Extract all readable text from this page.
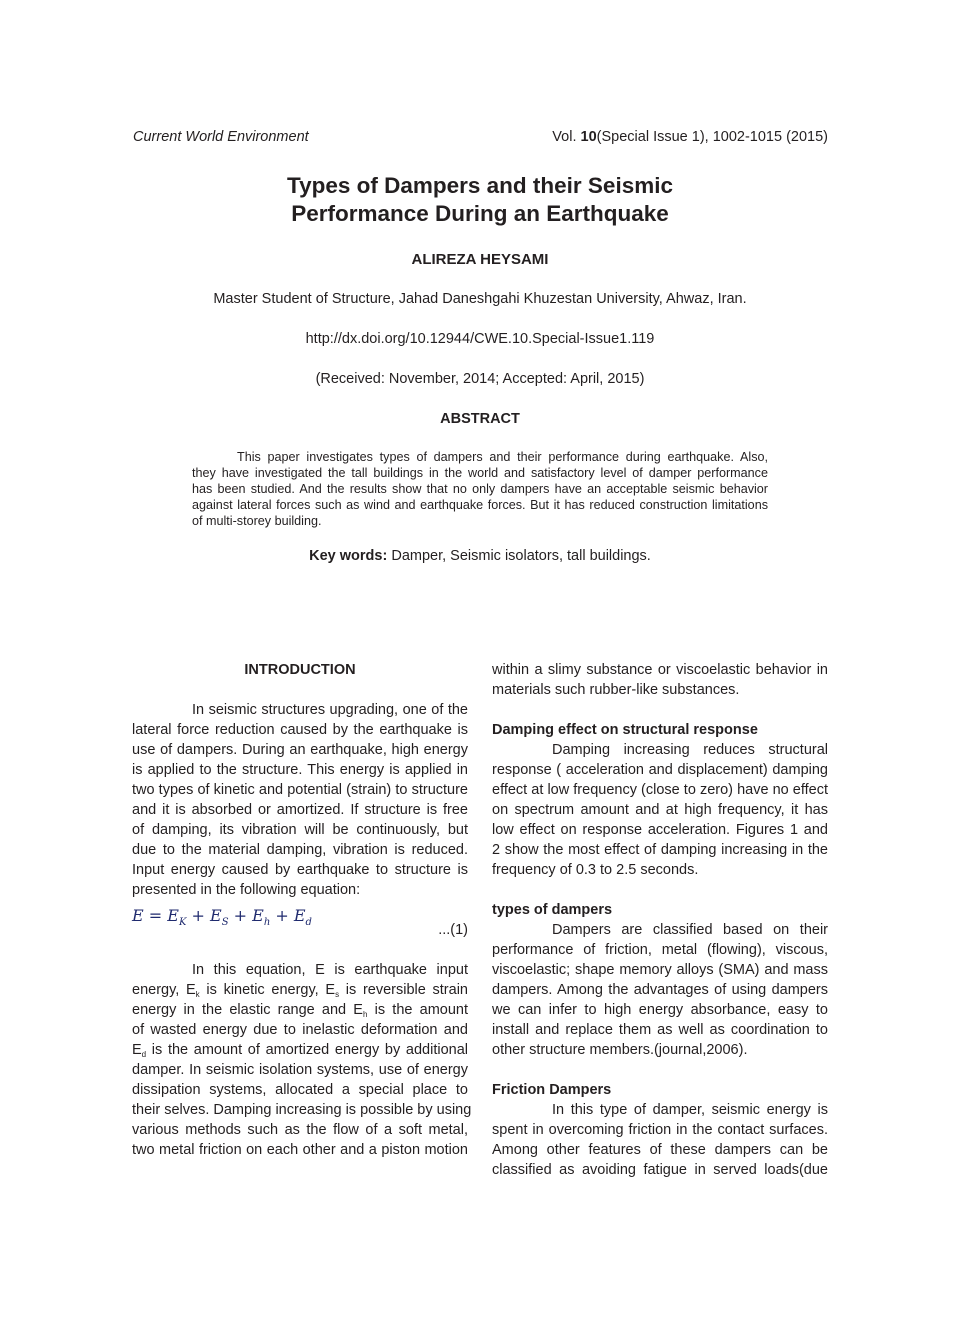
Current World Environment	Vol. 10(Special Issue 1), 1002-1015 (2015)
Types of Dampers and their Seismic
Performance During an Earthquake
ALIREZA HEYSAMI
Master Student of Structure, Jahad Daneshgahi Khuzestan University, Ahwaz, Iran.
http://dx.doi.org/10.12944/CWE.10.Special-Issue1.119
(Received: November, 2014; Accepted: April, 2015)
ABSTRACT
This paper investigates types of dampers and their performance during earthquake. Also,
they have investigated the tall buildings in the world and satisfactory level of damper performance
has been studied. And the results show that no only dampers have an acceptable seismic behavior
against lateral forces such as wind and earthquake forces. But it has reduced construction limitations
of multi-storey building.
Key words: Damper, Seismic isolators, tall buildings.
INTRODUCTION
In seismic structures upgrading, one of the
lateral force reduction caused by the earthquake is
use of dampers. During an earthquake, high energy
is applied to the structure. This energy is applied in
two types of kinetic and potential (strain) to structure
and it is absorbed or amortized. If structure is free
of damping, its vibration will be continuously, but
due to the material damping, vibration is reduced.
Input energy caused by earthquake to structure is
presented in the following equation:
$E = E_K + E_S + E_h + E_d$	...(1)
In this equation, E is earthquake input
energy, $E_k$ is kinetic energy, $E_s$ is reversible strain
energy in the elastic range and $E_h$ is the amount
of wasted energy due to inelastic deformation and
$E_d$ is the amount of amortized energy by additional
damper. In seismic isolation systems, use of energy
dissipation systems, allocated a special place to
their selves. Damping increasing is possible by using
various methods such as the flow of a soft metal,
two metal friction on each other and a piston motion
within a slimy substance or viscoelastic behavior in
materials such rubber-like substances.
Damping effect on structural response
Damping increasing reduces structural
response ( acceleration and displacement) damping
effect at low frequency (close to zero) have no effect
on spectrum amount and at high frequency, it has
low effect on response acceleration. Figures 1 and
2 show the most effect of damping increasing in the
frequency of 0.3 to 2.5 seconds.
types of dampers
Dampers are classified based on their
performance of friction, metal (flowing), viscous,
viscoelastic; shape memory alloys (SMA) and mass
dampers. Among the advantages of using dampers
we can infer to high energy absorbance, easy to
install and replace them as well as coordination to
other structure members.(journal,2006).
Friction Dampers
In this type of damper, seismic energy is
spent in overcoming friction in the contact surfaces.
Among other features of these dampers can be
classified as avoiding fatigue in served loads(due
